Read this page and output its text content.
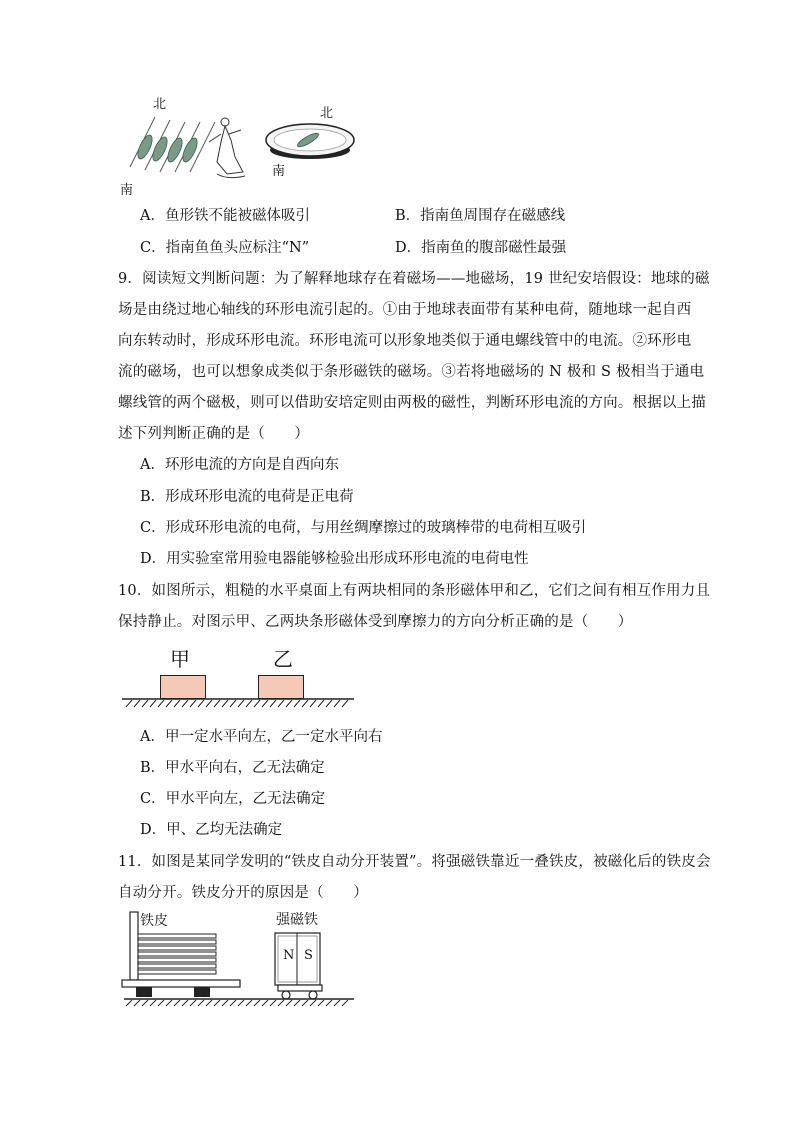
北
南
北
南
A．鱼形铁不能被磁体吸引	B．指南鱼周围存在磁感线
C．指南鱼鱼头应标注“N”	D．指南鱼的腹部磁性最强
9．阅读短文判断问题：为了解释地球存在着磁场——地磁场，19 世纪安培假设：地球的磁
场是由绕过地心轴线的环形电流引起的。①由于地球表面带有某种电荷，随地球一起自西
向东转动时，形成环形电流。环形电流可以形象地类似于通电螺线管中的电流。②环形电
流的磁场，也可以想象成类似于条形磁铁的磁场。③若将地磁场的 N 极和 S 极相当于通电
螺线管的两个磁极，则可以借助安培定则由两极的磁性，判断环形电流的方向。根据以上描
述下列判断正确的是（　　）
A．环形电流的方向是自西向东
B．形成环形电流的电荷是正电荷
C．形成环形电流的电荷，与用丝绸摩擦过的玻璃棒带的电荷相互吸引
D．用实验室常用验电器能够检验出形成环形电流的电荷电性
10．如图所示，粗糙的水平桌面上有两块相同的条形磁体甲和乙，它们之间有相互作用力且
保持静止。对图示甲、乙两块条形磁体受到摩擦力的方向分析正确的是（　　）
甲	乙
A．甲一定水平向左，乙一定水平向右
B．甲水平向右，乙无法确定
C．甲水平向左，乙无法确定
D．甲、乙均无法确定
11．如图是某同学发明的“铁皮自动分开装置”。将强磁铁靠近一叠铁皮，被磁化后的铁皮会
自动分开。铁皮分开的原因是（　　）
铁皮	强磁铁
N S
